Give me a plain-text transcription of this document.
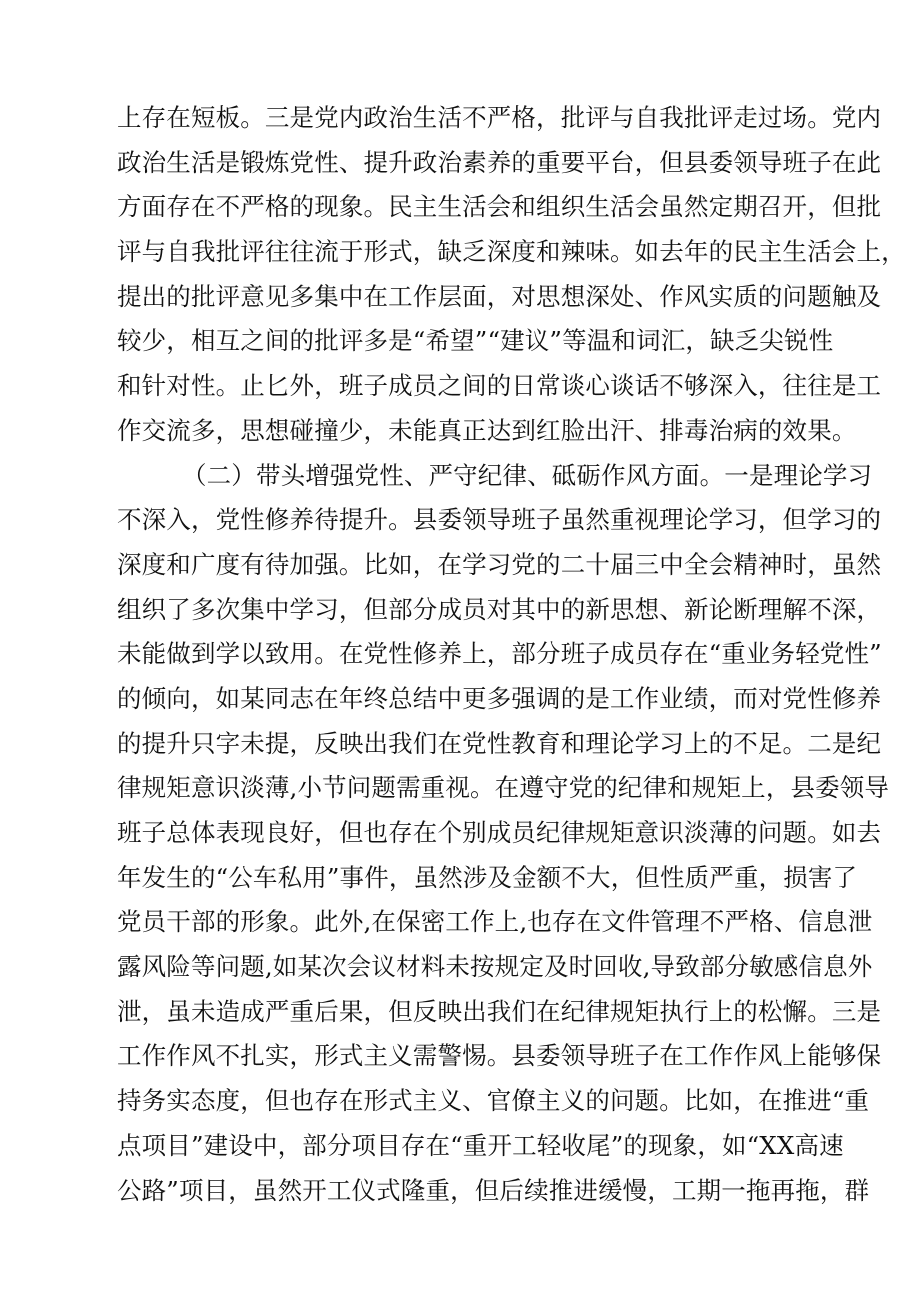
上存在短板。三是党内政治生活不严格，批评与自我批评走过场。党内
政治生活是锻炼党性、提升政治素养的重要平台，但县委领导班子在此
方面存在不严格的现象。民主生活会和组织生活会虽然定期召开，但批
评与自我批评往往流于形式，缺乏深度和辣味。如去年的民主生活会上，
提出的批评意见多集中在工作层面，对思想深处、作风实质的问题触及
较少，相互之间的批评多是“希望”“建议”等温和词汇，缺乏尖锐性
和针对性。止匕外，班子成员之间的日常谈心谈话不够深入，往往是工
作交流多，思想碰撞少，未能真正达到红脸出汗、排毒治病的效果。
（二）带头增强党性、严守纪律、砥砺作风方面。一是理论学习
不深入，党性修养待提升。县委领导班子虽然重视理论学习，但学习的
深度和广度有待加强。比如，在学习党的二十届三中全会精神时，虽然
组织了多次集中学习，但部分成员对其中的新思想、新论断理解不深，
未能做到学以致用。在党性修养上，部分班子成员存在“重业务轻党性”
的倾向，如某同志在年终总结中更多强调的是工作业绩，而对党性修养
的提升只字未提，反映出我们在党性教育和理论学习上的不足。二是纪
律规矩意识淡薄,小节问题需重视。在遵守党的纪律和规矩上，县委领导
班子总体表现良好，但也存在个别成员纪律规矩意识淡薄的问题。如去
年发生的“公车私用”事件，虽然涉及金额不大，但性质严重，损害了
党员干部的形象。此外,在保密工作上,也存在文件管理不严格、信息泄
露风险等问题,如某次会议材料未按规定及时回收,导致部分敏感信息外
泄，虽未造成严重后果，但反映出我们在纪律规矩执行上的松懈。三是
工作作风不扎实，形式主义需警惕。县委领导班子在工作作风上能够保
持务实态度，但也存在形式主义、官僚主义的问题。比如，在推进“重
点项目”建设中，部分项目存在“重开工轻收尾”的现象，如“XX高速
公路”项目，虽然开工仪式隆重，但后续推进缓慢，工期一拖再拖，群
